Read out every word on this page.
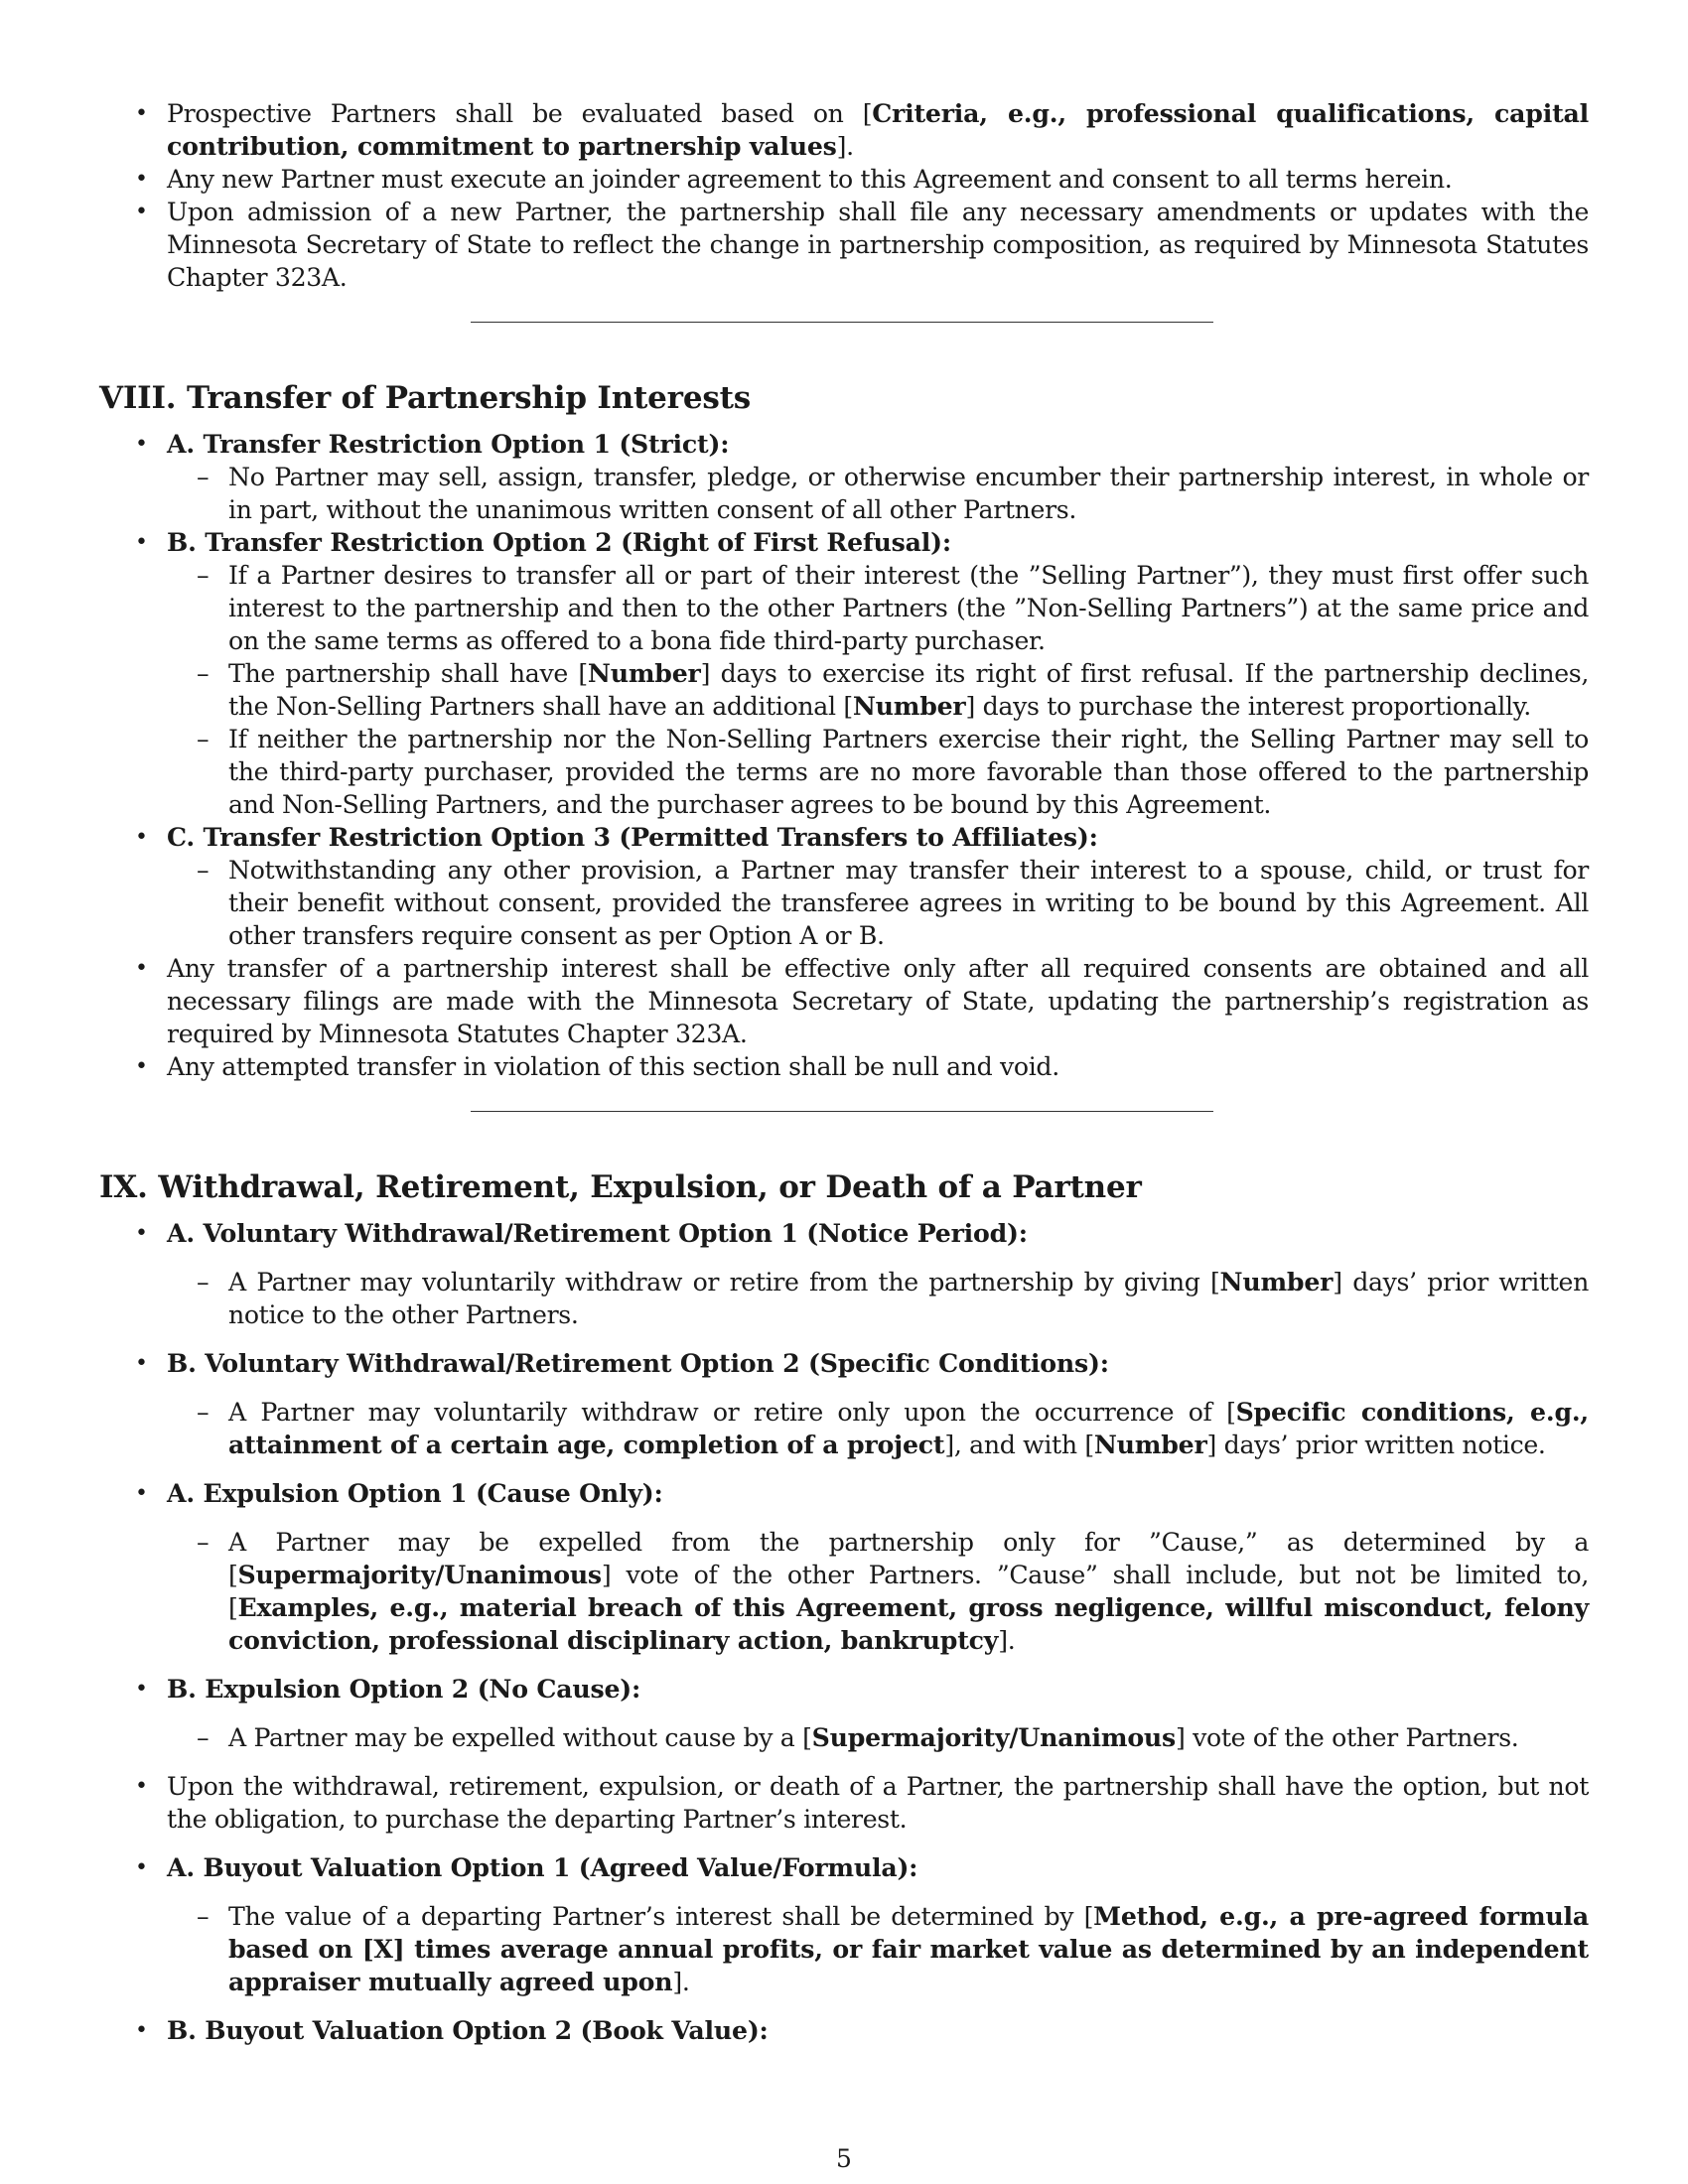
• Prospective Partners shall be evaluated based on [Criteria, e.g., professional qualifications, capital contribution, commitment to partnership values].
• Any new Partner must execute an joinder agreement to this Agreement and consent to all terms herein.
• Upon admission of a new Partner, the partnership shall file any necessary amendments or updates with the Minnesota Secretary of State to reflect the change in partnership composition, as required by Minnesota Statutes Chapter 323A.
VIII. Transfer of Partnership Interests
• A. Transfer Restriction Option 1 (Strict):
– No Partner may sell, assign, transfer, pledge, or otherwise encumber their partnership interest, in whole or in part, without the unanimous written consent of all other Partners.
• B. Transfer Restriction Option 2 (Right of First Refusal):
– If a Partner desires to transfer all or part of their interest (the ”Selling Partner”), they must first offer such interest to the partnership and then to the other Partners (the ”Non-Selling Partners”) at the same price and on the same terms as offered to a bona fide third-party purchaser.
– The partnership shall have [Number] days to exercise its right of first refusal. If the partnership declines, the Non-Selling Partners shall have an additional [Number] days to purchase the interest proportionally.
– If neither the partnership nor the Non-Selling Partners exercise their right, the Selling Partner may sell to the third-party purchaser, provided the terms are no more favorable than those offered to the partnership and Non-Selling Partners, and the purchaser agrees to be bound by this Agreement.
• C. Transfer Restriction Option 3 (Permitted Transfers to Affiliates):
– Notwithstanding any other provision, a Partner may transfer their interest to a spouse, child, or trust for their benefit without consent, provided the transferee agrees in writing to be bound by this Agreement. All other transfers require consent as per Option A or B.
• Any transfer of a partnership interest shall be effective only after all required consents are obtained and all necessary filings are made with the Minnesota Secretary of State, updating the partnership’s registration as required by Minnesota Statutes Chapter 323A.
• Any attempted transfer in violation of this section shall be null and void.
IX. Withdrawal, Retirement, Expulsion, or Death of a Partner
• A. Voluntary Withdrawal/Retirement Option 1 (Notice Period):
– A Partner may voluntarily withdraw or retire from the partnership by giving [Number] days’ prior written notice to the other Partners.
• B. Voluntary Withdrawal/Retirement Option 2 (Specific Conditions):
– A Partner may voluntarily withdraw or retire only upon the occurrence of [Specific conditions, e.g., attainment of a certain age, completion of a project], and with [Number] days’ prior written notice.
• A. Expulsion Option 1 (Cause Only):
– A Partner may be expelled from the partnership only for ”Cause,” as determined by a [Supermajority/Unanimous] vote of the other Partners. ”Cause” shall include, but not be limited to, [Examples, e.g., material breach of this Agreement, gross negligence, willful misconduct, felony conviction, professional disciplinary action, bankruptcy].
• B. Expulsion Option 2 (No Cause):
– A Partner may be expelled without cause by a [Supermajority/Unanimous] vote of the other Partners.
• Upon the withdrawal, retirement, expulsion, or death of a Partner, the partnership shall have the option, but not the obligation, to purchase the departing Partner’s interest.
• A. Buyout Valuation Option 1 (Agreed Value/Formula):
– The value of a departing Partner’s interest shall be determined by [Method, e.g., a pre-agreed formula based on [X] times average annual profits, or fair market value as determined by an independent appraiser mutually agreed upon].
• B. Buyout Valuation Option 2 (Book Value):
5
